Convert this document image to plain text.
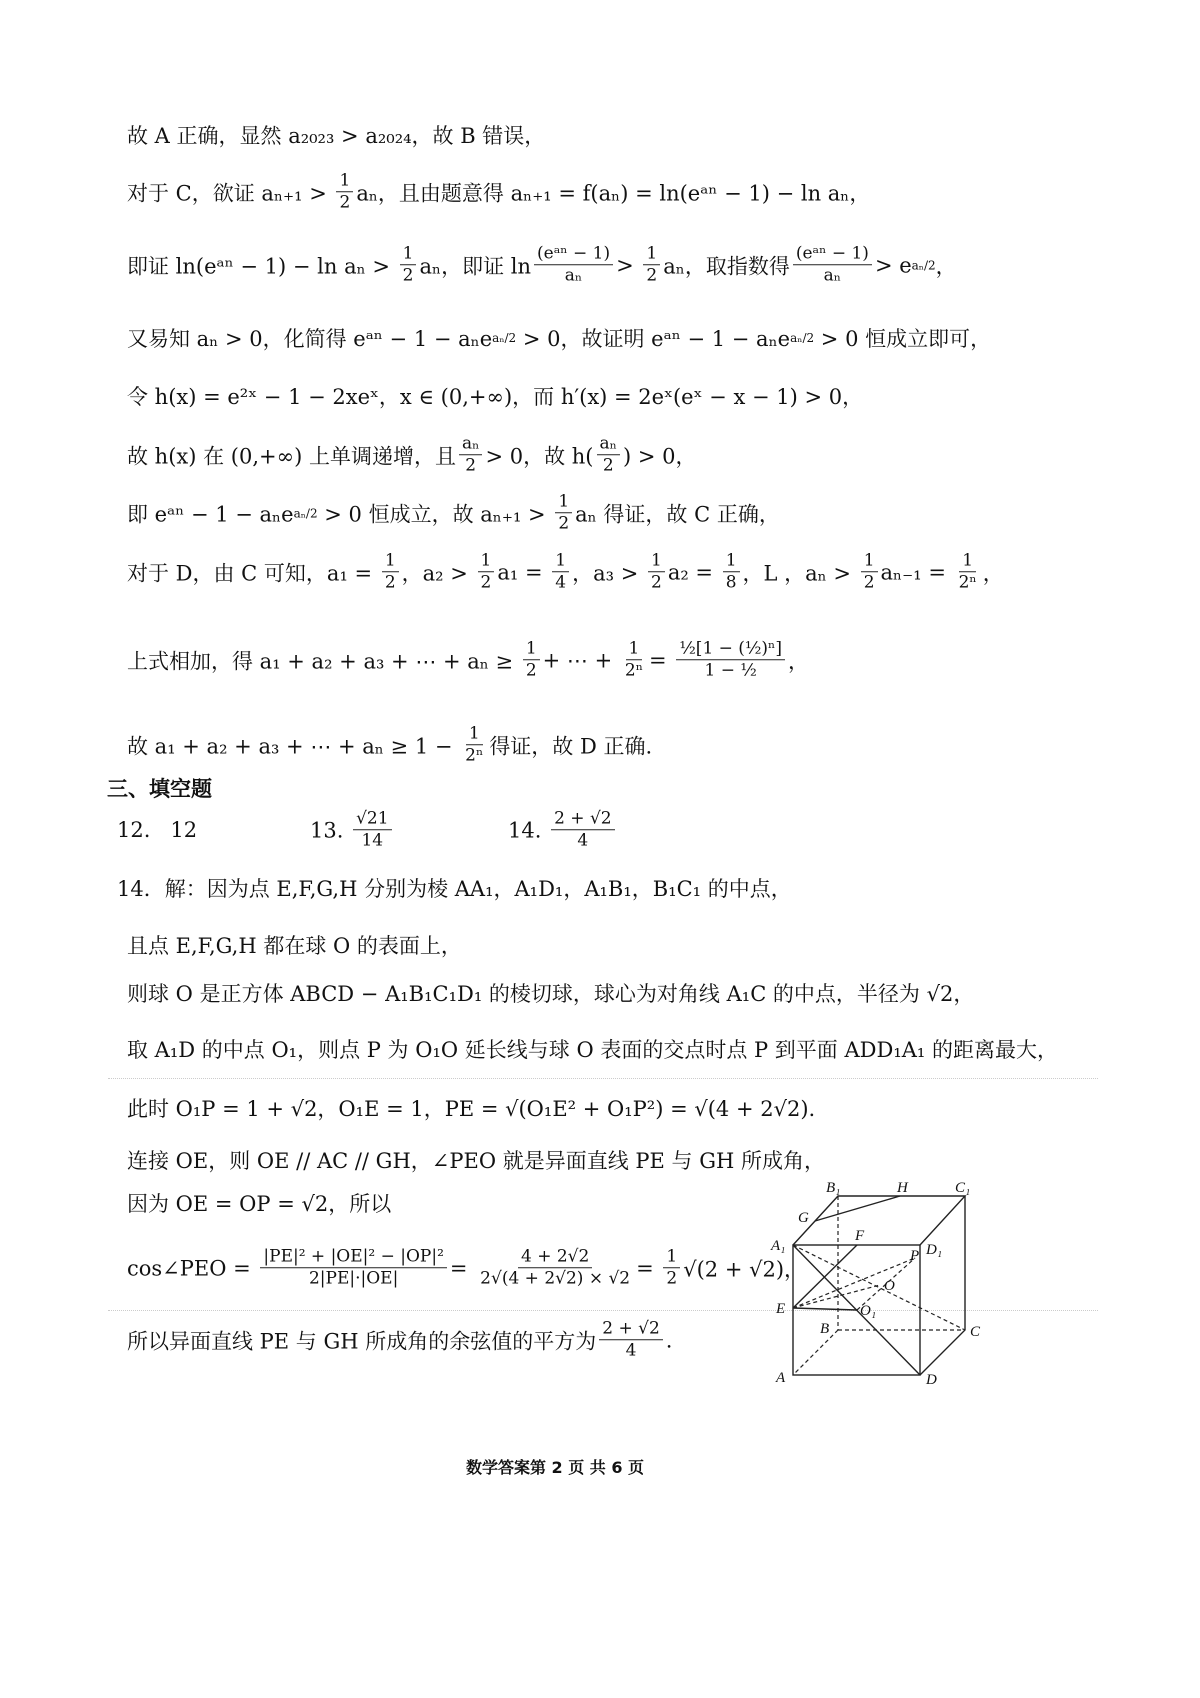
故 A 正确，显然 a₂₀₂₃ > a₂₀₂₄，故 B 错误，
对于 C，欲证 $a_{n+1} > \frac{1}{2}$ aₙ，且由题意得 aₙ₊₁ = f(aₙ) = ln(eᵃⁿ − 1) − ln aₙ，
即证 ln(eᵃⁿ − $1) - \ln a_n > \frac{1}{2}$ aₙ，即证 $\ln \frac{\text{(eᵃⁿ − 1)}}{\text{aₙ}} > \frac{1}{2}$ aₙ，取指数得 $\frac{\text{(eᵃⁿ − 1)}}{\text{aₙ}} > e$ aₙ/2 ，
又易知 aₙ > 0，化简得 eᵃⁿ − 1 − aₙe aₙ/2 > 0，故证明 eᵃⁿ − 1 − aₙe aₙ/2 > 0 恒成立即可，
令 h(x) = e²ˣ − 1 − 2xeˣ，x ∈ (0,+∞)，而 h′(x) = 2eˣ(eˣ − x − 1) > 0，
故 h(x) 在 (0,+∞) 上单调递增，且 $\frac{\text{aₙ}}{2} > 0$，故 $h( \frac{\text{aₙ}}{2}$ ) > 0，
即 eᵃⁿ − 1 − aₙe aₙ/2 > 0 恒成立，故 $a_{n+1} > \frac{1}{2}$ aₙ 得证，故 C 正确，
对于 D，由 C 可知，$a_1 = \frac{1}{2}$ ，$a_2 > \frac{1}{2} a_1 = \frac{1}{4}$ ，$a_3 > \frac{1}{2} a_2 = \frac{1}{8}$ ，L ，$a_n > \frac{1}{2} a_{n-1} = \frac{1}{\text{2ⁿ}}$ ，
上式相加，得 a₁ + a₂ + a₃ + ⋯ + $a_n \ge \frac{1}{2}$ + ⋯ + $\frac{1}{\text{2ⁿ}} = \frac{\text{½[1 − (½)ⁿ]}}{\text{1 − ½}}$ ，
故 a₁ + a₂ + a₃ + ⋯ + $a_n \ge 1 - \frac{1}{\text{2ⁿ}}$ 得证，故 D 正确.
三、填空题
12.   12	13. $\frac{√21}{14}$	14. $\frac{2 + √2}{4}$
14．解：因为点 E,F,G,H 分别为棱 AA₁，A₁D₁，A₁B₁，B₁C₁ 的中点，
且点 E,F,G,H 都在球 O 的表面上，
则球 O 是正方体 ABCD − A₁B₁C₁D₁ 的棱切球，球心为对角线 A₁C 的中点，半径为 √2，
取 A₁D 的中点 O₁，则点 P 为 O₁O 延长线与球 O 表面的交点时点 P 到平面 ADD₁A₁ 的距离最大，
此时 O₁P = 1 + √2，O₁E = 1，PE = √(O₁E² + O₁P²) = √(4 + 2√2).
连接 OE，则 OE // AC // GH，∠PEO 就是异面直线 PE 与 GH 所成角，
因为 OE = OP = √2，所以
cos∠PEO = $\frac{\text{|PE|² + |OE|² − |OP|²}}{2|PE|\cdot|OE|} = \frac{4 + 2√2}{2√(4 + 2√2) \times √2} = \frac{1}{2} √(2 + √2)$，
所以异面直线 PE 与 GH 所成角的余弦值的平方为 $\frac{2 + √2}{4}$ .
B₁	H	C₁
G
A₁
F
D₁
P
O
E	O₁
B	C
A	D
数学答案第 2 页 共 6 页
